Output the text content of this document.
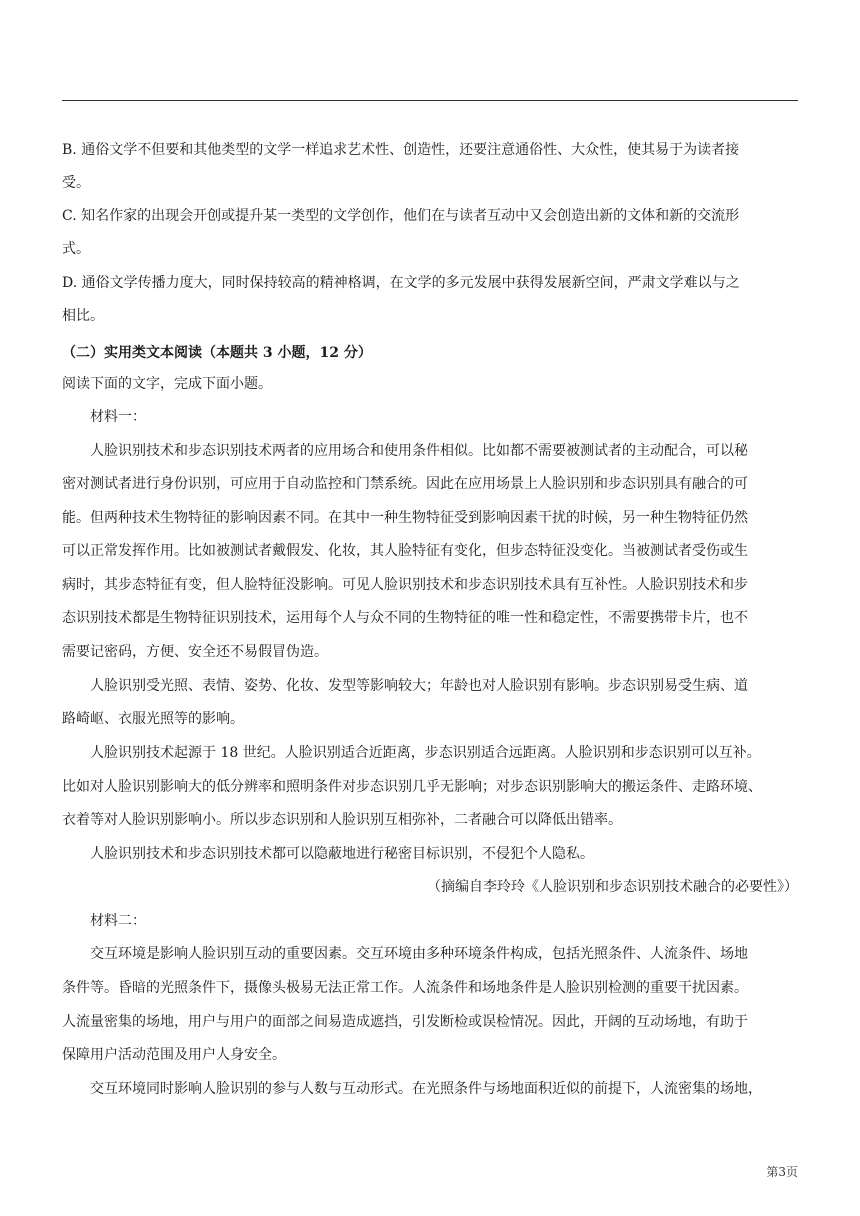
B. 通俗文学不但要和其他类型的文学一样追求艺术性、创造性，还要注意通俗性、大众性，使其易于为读者接
受。
C. 知名作家的出现会开创或提升某一类型的文学创作，他们在与读者互动中又会创造出新的文体和新的交流形
式。
D. 通俗文学传播力度大，同时保持较高的精神格调，在文学的多元发展中获得发展新空间，严肃文学难以与之
相比。
（二）实用类文本阅读（本题共 3 小题，12 分）
阅读下面的文字，完成下面小题。
材料一：
人脸识别技术和步态识别技术两者的应用场合和使用条件相似。比如都不需要被测试者的主动配合，可以秘
密对测试者进行身份识别，可应用于自动监控和门禁系统。因此在应用场景上人脸识别和步态识别具有融合的可
能。但两种技术生物特征的影响因素不同。在其中一种生物特征受到影响因素干扰的时候，另一种生物特征仍然
可以正常发挥作用。比如被测试者戴假发、化妆，其人脸特征有变化，但步态特征没变化。当被测试者受伤或生
病时，其步态特征有变，但人脸特征没影响。可见人脸识别技术和步态识别技术具有互补性。人脸识别技术和步
态识别技术都是生物特征识别技术，运用每个人与众不同的生物特征的唯一性和稳定性，不需要携带卡片，也不
需要记密码，方便、安全还不易假冒伪造。
人脸识别受光照、表情、姿势、化妆、发型等影响较大；年龄也对人脸识别有影响。步态识别易受生病、道
路崎岖、衣服光照等的影响。
人脸识别技术起源于 18 世纪。人脸识别适合近距离，步态识别适合远距离。人脸识别和步态识别可以互补。
比如对人脸识别影响大的低分辨率和照明条件对步态识别几乎无影响；对步态识别影响大的搬运条件、走路环境、
衣着等对人脸识别影响小。所以步态识别和人脸识别互相弥补，二者融合可以降低出错率。
人脸识别技术和步态识别技术都可以隐蔽地进行秘密目标识别，不侵犯个人隐私。
（摘编自李玲玲《人脸识别和步态识别技术融合的必要性》）
材料二：
交互环境是影响人脸识别互动的重要因素。交互环境由多种环境条件构成，包括光照条件、人流条件、场地
条件等。昏暗的光照条件下，摄像头极易无法正常工作。人流条件和场地条件是人脸识别检测的重要干扰因素。
人流量密集的场地，用户与用户的面部之间易造成遮挡，引发断检或误检情况。因此，开阔的互动场地，有助于
保障用户活动范围及用户人身安全。
交互环境同时影响人脸识别的参与人数与互动形式。在光照条件与场地面积近似的前提下，人流密集的场地，
第3页
